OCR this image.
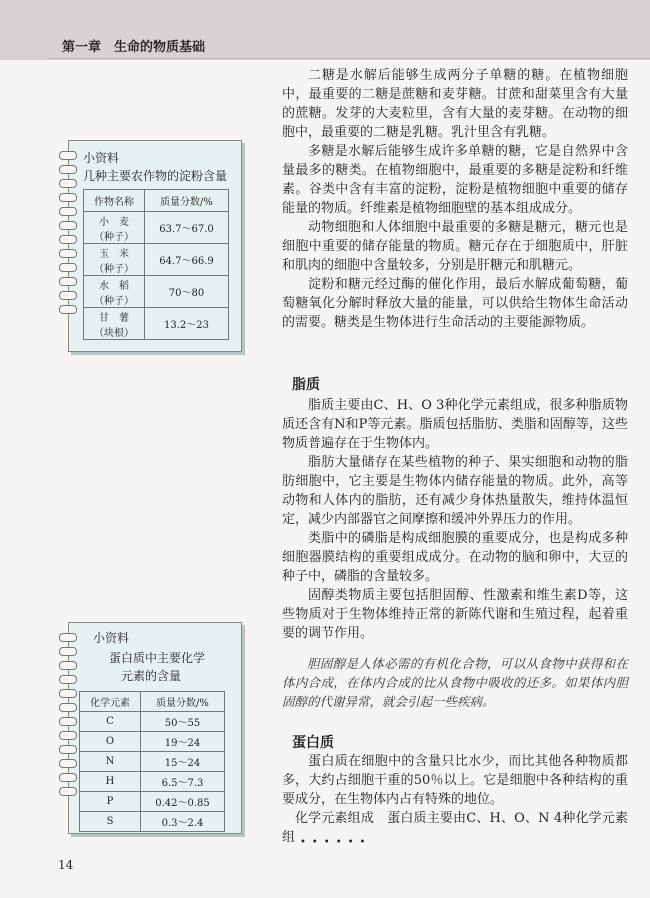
第一章　生命的物质基础
小资料
几种主要农作物的淀粉含量
作物名称	质量分数/%
小　麦
（种子）	63.7～67.0
玉　米
（种子）	64.7～66.9
水　稻
（种子）	70～80
甘　薯
（块根）	13.2～23
小资料
蛋白质中主要化学
元素的含量
化学元素	质量分数/%
C	50～55
O	19～24
N	15～24
H	6.5～7.3
P	0.42～0.85
S	0.3～2.4

二糖是水解后能够生成两分子单糖的糖。在植物细胞中，最重要的二糖是蔗糖和麦芽糖。甘蔗和甜菜里含有大量的蔗糖。发芽的大麦粒里，含有大量的麦芽糖。在动物的细胞中，最重要的二糖是乳糖。乳汁里含有乳糖。

多糖是水解后能够生成许多单糖的糖，它是自然界中含量最多的糖类。在植物细胞中，最重要的多糖是淀粉和纤维素。谷类中含有丰富的淀粉，淀粉是植物细胞中重要的储存能量的物质。纤维素是植物细胞壁的基本组成成分。

动物细胞和人体细胞中最重要的多糖是糖元，糖元也是细胞中重要的储存能量的物质。糖元存在于细胞质中，肝脏和肌肉的细胞中含量较多，分别是肝糖元和肌糖元。

淀粉和糖元经过酶的催化作用，最后水解成葡萄糖，葡萄糖氧化分解时释放大量的能量，可以供给生物体生命活动的需要。糖类是生物体进行生命活动的主要能源物质。

脂质

脂质主要由C、H、O 3种化学元素组成，很多种脂质物质还含有N和P等元素。脂质包括脂肪、类脂和固醇等，这些物质普遍存在于生物体内。

脂肪大量储存在某些植物的种子、果实细胞和动物的脂肪细胞中，它主要是生物体内储存能量的物质。此外，高等动物和人体内的脂肪，还有减少身体热量散失，维持体温恒定，减少内部器官之间摩擦和缓冲外界压力的作用。

类脂中的磷脂是构成细胞膜的重要成分，也是构成多种细胞器膜结构的重要组成成分。在动物的脑和卵中，大豆的种子中，磷脂的含量较多。

固醇类物质主要包括胆固醇、性激素和维生素D等，这些物质对于生物体维持正常的新陈代谢和生殖过程，起着重要的调节作用。

胆固醇是人体必需的有机化合物，可以从食物中获得和在体内合成，在体内合成的比从食物中吸收的还多。如果体内胆固醇的代谢异常，就会引起一些疾病。

蛋白质

蛋白质在细胞中的含量只比水少，而比其他各种物质都多，大约占细胞干重的50％以上。它是细胞中各种结构的重要成分，在生物体内占有特殊的地位。

化学元素组成　 蛋白质主要由C、H、O、N 4种化学元素组 ••••••
14
